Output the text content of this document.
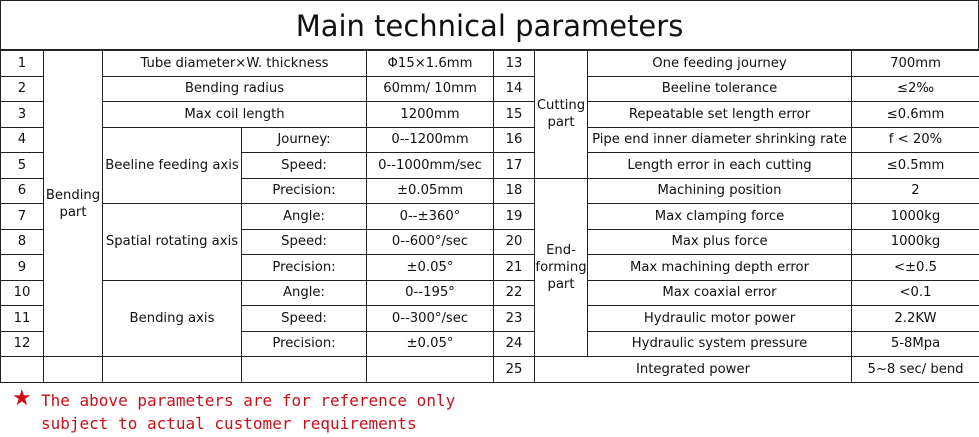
Main technical parameters
1	Bending part	Tube diameter×W. thickness		Φ15×1.6mm	13	Cutting part	One feeding journey	700mm
2		Bending radius		60mm/ 10mm	14		Beeline tolerance	≤2‰
3		Max coil length		1200mm	15		Repeatable set length error	≤0.6mm
4		Beeline feeding axis	Journey:	0--1200mm	16		Pipe end inner diameter shrinking rate	f < 20%
5			Speed:	0--1000mm/sec	17		Length error in each cutting	≤0.5mm
6			Precision:	±0.05mm	18	End-forming part	Machining position	2
7		Spatial rotating axis	Angle:	0--±360°	19		Max clamping force	1000kg
8			Speed:	0--600°/sec	20		Max plus force	1000kg
9			Precision:	±0.05°	21		Max machining depth error	<±0.5
10		Bending axis	Angle:	0--195°	22		Max coaxial error	<0.1
11			Speed:	0--300°/sec	23		Hydraulic motor power	2.2KW
12			Precision:	±0.05°	24		Hydraulic system pressure	5-8Mpa
					25	Integrated power		5~8 sec/ bend
★ The above parameters are for reference only
subject to actual customer requirements
